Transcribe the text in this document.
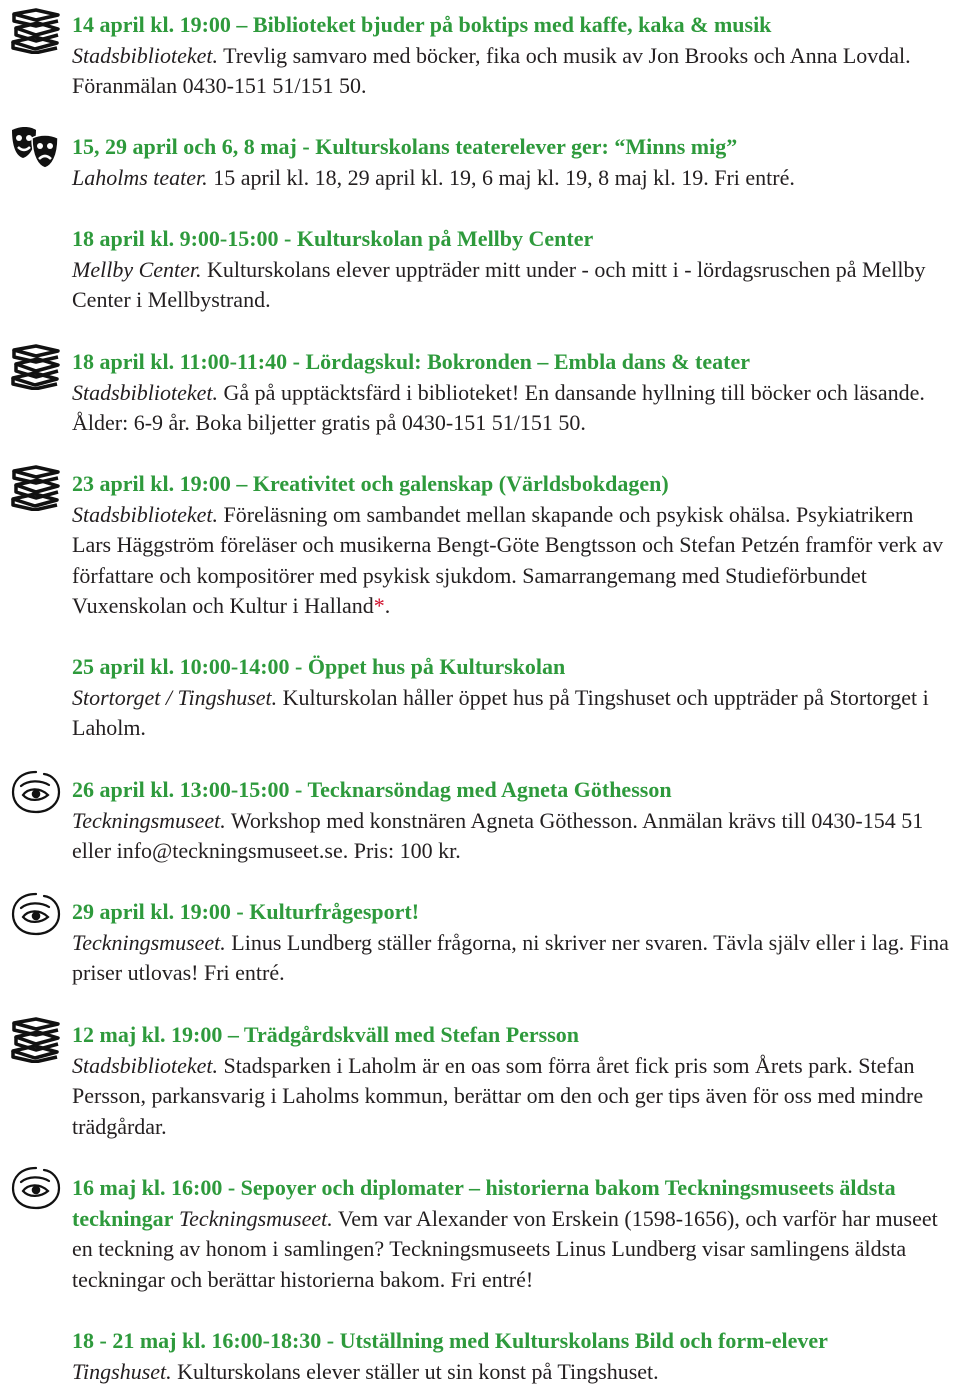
14 april kl. 19:00 – Biblioteket bjuder på boktips med kaffe, kaka & musik
Stadsbiblioteket. Trevlig samvaro med böcker, fika och musik av Jon Brooks och Anna Lovdal. Föranmälan 0430-151 51/151 50.
15, 29 april och 6, 8 maj - Kulturskolans teaterelever ger: “Minns mig”
Laholms teater. 15 april kl. 18, 29 april kl. 19, 6 maj kl. 19, 8 maj kl. 19. Fri entré.
18 april kl. 9:00-15:00 - Kulturskolan på Mellby Center
Mellby Center. Kulturskolans elever uppträder mitt under - och mitt i - lördagsruschen på Mellby Center i Mellbystrand.
18 april kl. 11:00-11:40 - Lördagskul: Bokronden – Embla dans & teater
Stadsbiblioteket. Gå på upptäcktsfärd i biblioteket! En dansande hyllning till böcker och läsande. Ålder: 6-9 år. Boka biljetter gratis på 0430-151 51/151 50.
23 april kl. 19:00 – Kreativitet och galenskap (Världsbokdagen)
Stadsbiblioteket. Föreläsning om sambandet mellan skapande och psykisk ohälsa. Psykiatrikern Lars Häggström föreläser och musikerna Bengt-Göte Bengtsson och Stefan Petzén framför verk av författare och kompositörer med psykisk sjukdom. Samarrangemang med Studieförbundet Vuxenskolan och Kultur i Halland*.
25 april kl. 10:00-14:00 - Öppet hus på Kulturskolan
Stortorget / Tingshuset. Kulturskolan håller öppet hus på Tingshuset och uppträder på Stortorget i Laholm.
26 april kl. 13:00-15:00 - Tecknarsöndag med Agneta Göthesson
Teckningsmuseet. Workshop med konstnären Agneta Göthesson. Anmälan krävs till 0430-154 51 eller info@teckningsmuseet.se. Pris: 100 kr.
29 april kl. 19:00 - Kulturfrågesport!
Teckningsmuseet. Linus Lundberg ställer frågorna, ni skriver ner svaren. Tävla själv eller i lag. Fina priser utlovas! Fri entré.
12 maj kl. 19:00 – Trädgårdskväll med Stefan Persson
Stadsbiblioteket. Stadsparken i Laholm är en oas som förra året fick pris som Årets park. Stefan Persson, parkansvarig i Laholms kommun, berättar om den och ger tips även för oss med mindre trädgårdar.
16 maj kl. 16:00 - Sepoyer och diplomater – historierna bakom Teckningsmuseets äldsta teckningar Teckningsmuseet. Vem var Alexander von Erskein (1598-1656), och varför har museet en teckning av honom i samlingen? Teckningsmuseets Linus Lundberg visar samlingens äldsta teckningar och berättar historierna bakom. Fri entré!
18 - 21 maj kl. 16:00-18:30 - Utställning med Kulturskolans Bild och form-elever
Tingshuset. Kulturskolans elever ställer ut sin konst på Tingshuset.
